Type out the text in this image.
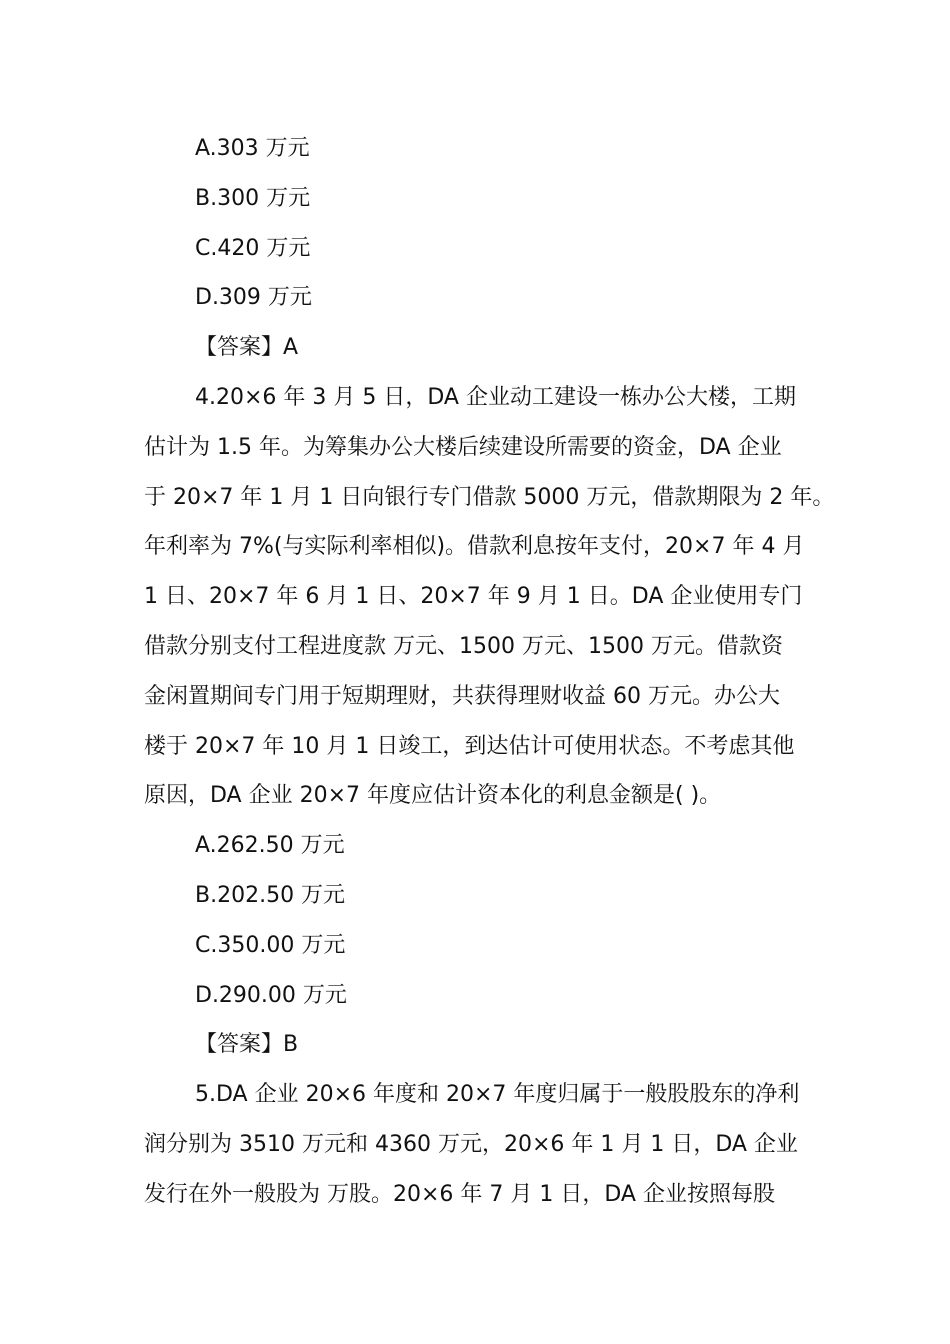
A.303 万元
B.300 万元
C.420 万元
D.309 万元
【答案】A
4.20×6 年 3 月 5 日，DA 企业动工建设一栋办公大楼，工期
估计为 1.5 年。为筹集办公大楼后续建设所需要的资金，DA 企业
于 20×7 年 1 月 1 日向银行专门借款 5000 万元，借款期限为 2 年。
年利率为 7%(与实际利率相似)。借款利息按年支付，20×7 年 4 月
1 日、20×7 年 6 月 1 日、20×7 年 9 月 1 日。DA 企业使用专门
借款分别支付工程进度款 万元、1500 万元、1500 万元。借款资
金闲置期间专门用于短期理财，共获得理财收益 60 万元。办公大
楼于 20×7 年 10 月 1 日竣工，到达估计可使用状态。不考虑其他
原因，DA 企业 20×7 年度应估计资本化的利息金额是( )。
A.262.50 万元
B.202.50 万元
C.350.00 万元
D.290.00 万元
【答案】B
5.DA 企业 20×6 年度和 20×7 年度归属于一般股股东的净利
润分别为 3510 万元和 4360 万元，20×6 年 1 月 1 日，DA 企业
发行在外一般股为 万股。20×6 年 7 月 1 日，DA 企业按照每股
